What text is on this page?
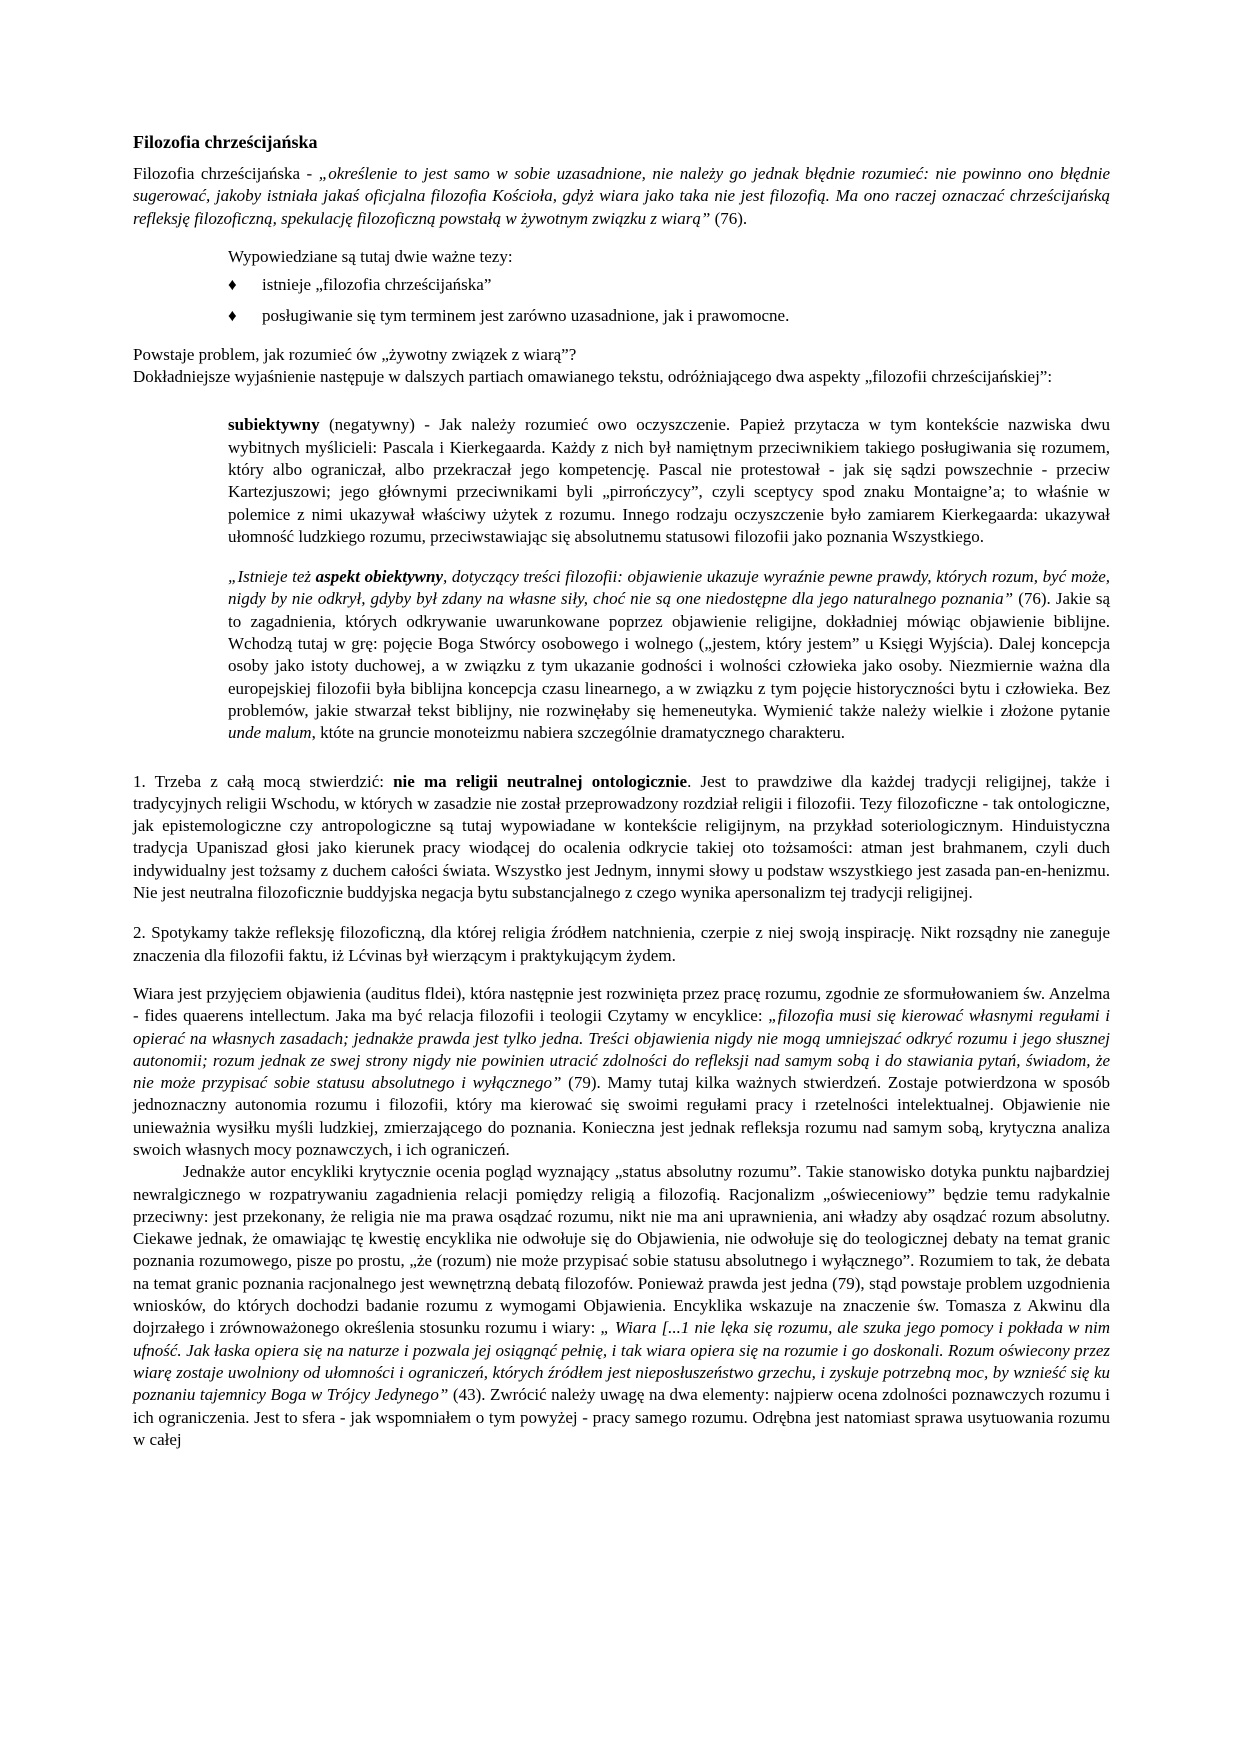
Filozofia chrześcijańska

Filozofia chrześcijańska - „określenie to jest samo w sobie uzasadnione, nie należy go jednak błędnie rozumieć: nie powinno ono błędnie sugerować, jakoby istniała jakaś oficjalna filozofia Kościoła, gdyż wiara jako taka nie jest filozofią. Ma ono raczej oznaczać chrześcijańską refleksję filozoficzną, spekulację filozoficzną powstałą w żywotnym związku z wiarą” (76).

Wypowiedziane są tutaj dwie ważne tezy:

♦	istnieje „filozofia chrześcijańska”
♦	posługiwanie się tym terminem jest zarówno uzasadnione, jak i prawomocne.

Powstaje problem, jak rozumieć ów „żywotny związek z wiarą”?

Dokładniejsze wyjaśnienie następuje w dalszych partiach omawianego tekstu, odróżniającego dwa aspekty „filozofii chrześcijańskiej”:

subiektywny (negatywny) - Jak należy rozumieć owo oczyszczenie. Papież przytacza w tym kontekście nazwiska dwu wybitnych myślicieli: Pascala i Kierkegaarda. Każdy z nich był namiętnym przeciwnikiem takiego posługiwania się rozumem, który albo ograniczał, albo przekraczał jego kompetencję. Pascal nie protestował - jak się sądzi powszechnie - przeciw Kartezjuszowi; jego głównymi przeciwnikami byli „pirrończycy”, czyli sceptycy spod znaku Montaigne’a; to właśnie w polemice z nimi ukazywał właściwy użytek z rozumu. Innego rodzaju oczyszczenie było zamiarem Kierkegaarda: ukazywał ułomność ludzkiego rozumu, przeciwstawiając się absolutnemu statusowi filozofii jako poznania Wszystkiego.

„Istnieje też aspekt obiektywny, dotyczący treści filozofii: objawienie ukazuje wyraźnie pewne prawdy, których rozum, być może, nigdy by nie odkrył, gdyby był zdany na własne siły, choć nie są one niedostępne dla jego naturalnego poznania” (76). Jakie są to zagadnienia, których odkrywanie uwarunkowane poprzez objawienie religijne, dokładniej mówiąc objawienie biblijne. Wchodzą tutaj w grę: pojęcie Boga Stwórcy osobowego i wolnego („jestem, który jestem” u Księgi Wyjścia). Dalej koncepcja osoby jako istoty duchowej, a w związku z tym ukazanie godności i wolności człowieka jako osoby. Niezmiernie ważna dla europejskiej filozofii była biblijna koncepcja czasu linearnego, a w związku z tym pojęcie historyczności bytu i człowieka. Bez problemów, jakie stwarzał tekst biblijny, nie rozwinęłaby się hemeneutyka. Wymienić także należy wielkie i złożone pytanie unde malum, któte na gruncie monoteizmu nabiera szczególnie dramatycznego charakteru.

1. Trzeba z całą mocą stwierdzić: nie ma religii neutralnej ontologicznie. Jest to prawdziwe dla każdej tradycji religijnej, także i tradycyjnych religii Wschodu, w których w zasadzie nie został przeprowadzony rozdział religii i filozofii. Tezy filozoficzne - tak ontologiczne, jak epistemologiczne czy antropologiczne są tutaj wypowiadane w kontekście religijnym, na przykład soteriologicznym. Hinduistyczna tradycja Upaniszad głosi jako kierunek pracy wiodącej do ocalenia odkrycie takiej oto tożsamości: atman jest brahmanem, czyli duch indywidualny jest tożsamy z duchem całości świata. Wszystko jest Jednym, innymi słowy u podstaw wszystkiego jest zasada pan-en-henizmu. Nie jest neutralna filozoficznie buddyjska negacja bytu substancjalnego z czego wynika apersonalizm tej tradycji religijnej.

2. Spotykamy także refleksję filozoficzną, dla której religia źródłem natchnienia, czerpie z niej swoją inspirację. Nikt rozsądny nie zaneguje znaczenia dla filozofii faktu, iż Lćvinas był wierzącym i praktykującym żydem.

Wiara jest przyjęciem objawienia (auditus fldei), która następnie jest rozwinięta przez pracę rozumu, zgodnie ze sformułowaniem św. Anzelma - fides quaerens intellectum. Jaka ma być relacja filozofii i teologii Czytamy w encyklice: „filozofia musi się kierować własnymi regułami i opierać na własnych zasadach; jednakże prawda jest tylko jedna. Treści objawienia nigdy nie mogą umniejszać odkryć rozumu i jego słusznej autonomii; rozum jednak ze swej strony nigdy nie powinien utracić zdolności do refleksji nad samym sobą i do stawiania pytań, świadom, że nie może przypisać sobie statusu absolutnego i wyłącznego” (79). Mamy tutaj kilka ważnych stwierdzeń. Zostaje potwierdzona w sposób jednoznaczny autonomia rozumu i filozofii, który ma kierować się swoimi regułami pracy i rzetelności intelektualnej. Objawienie nie unieważnia wysiłku myśli ludzkiej, zmierzającego do poznania. Konieczna jest jednak refleksja rozumu nad samym sobą, krytyczna analiza swoich własnych mocy poznawczych, i ich ograniczeń.

Jednakże autor encykliki krytycznie ocenia pogląd wyznający „status absolutny rozumu”. Takie stanowisko dotyka punktu najbardziej newralgicznego w rozpatrywaniu zagadnienia relacji pomiędzy religią a filozofią. Racjonalizm „oświeceniowy” będzie temu radykalnie przeciwny: jest przekonany, że religia nie ma prawa osądzać rozumu, nikt nie ma ani uprawnienia, ani władzy aby osądzać rozum absolutny. Ciekawe jednak, że omawiając tę kwestię encyklika nie odwołuje się do Objawienia, nie odwołuje się do teologicznej debaty na temat granic poznania rozumowego, pisze po prostu, „że (rozum) nie może przypisać sobie statusu absolutnego i wyłącznego”. Rozumiem to tak, że debata na temat granic poznania racjonalnego jest wewnętrzną debatą filozofów. Ponieważ prawda jest jedna (79), stąd powstaje problem uzgodnienia wniosków, do których dochodzi badanie rozumu z wymogami Objawienia. Encyklika wskazuje na znaczenie św. Tomasza z Akwinu dla dojrzałego i zrównoważonego określenia stosunku rozumu i wiary: „ Wiara [...1 nie lęka się rozumu, ale szuka jego pomocy i pokłada w nim ufność. Jak łaska opiera się na naturze i pozwala jej osiągnąć pełnię, i tak wiara opiera się na rozumie i go doskonali. Rozum oświecony przez wiarę zostaje uwolniony od ułomności i ograniczeń, których źródłem jest nieposłuszeństwo grzechu, i zyskuje potrzebną moc, by wznieść się ku poznaniu tajemnicy Boga w Trójcy Jedynego” (43). Zwrócić należy uwagę na dwa elementy: najpierw ocena zdolności poznawczych rozumu i ich ograniczenia. Jest to sfera - jak wspomniałem o tym powyżej - pracy samego rozumu. Odrębna jest natomiast sprawa usytuowania rozumu w całej
